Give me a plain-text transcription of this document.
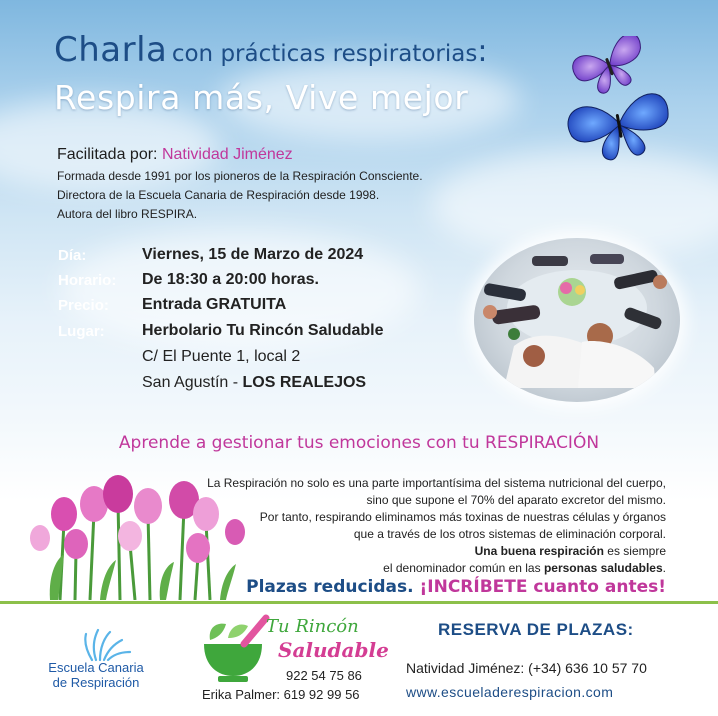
Charla con prácticas respiratorias:
Respira más, Vive mejor
Facilitada por: Natividad Jiménez
Formada desde 1991 por los pioneros de la Respiración Consciente.
Directora de la Escuela Canaria de Respiración desde 1998.
Autora del libro RESPIRA.
Día:	Viernes, 15 de Marzo de 2024
Horario:	De 18:30 a 20:00 horas.
Precio:	Entrada GRATUITA
Lugar:	Herbolario Tu Rincón Saludable
C/ El Puente 1, local 2
San Agustín - LOS REALEJOS
Aprende a gestionar tus emociones con tu RESPIRACIÓN
La Respiración no solo es una parte importantísima del sistema nutricional del cuerpo,
sino que supone el 70% del aparato excretor del mismo.
Por tanto, respirando eliminamos más toxinas de nuestras células y órganos
que a través de los otros sistemas de eliminación corporal.
Una buena respiración es siempre
el denominador común en las personas saludables.
Plazas reducidas. ¡INCRÍBETE cuanto antes!
Escuela Canaria
de Respiración
Tu Rincón
Saludable
922 54 75 86
Erika Palmer: 619 92 99 56
RESERVA DE PLAZAS:
Natividad Jiménez: (+34) 636 10 57 70
www.escueladerespiracion.com
